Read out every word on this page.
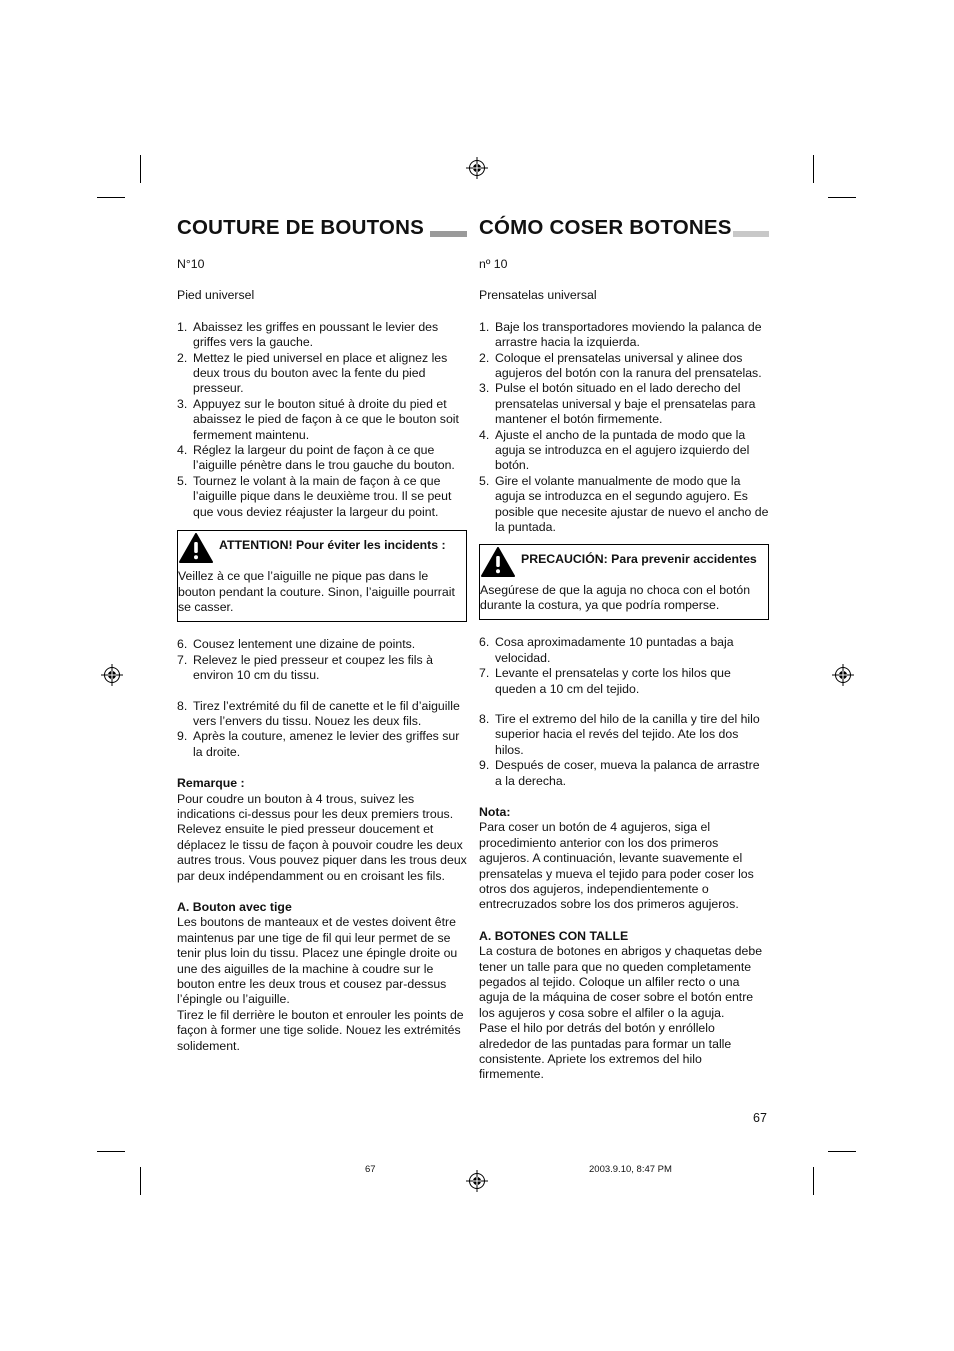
COUTURE DE BOUTONS

N°10

Pied universel

1. Abaissez les griffes en poussant le levier des griffes vers la gauche.
2. Mettez le pied universel en place et alignez les deux trous du bouton avec la fente du pied presseur.
3. Appuyez sur le bouton situé à droite du pied et abaissez le pied de façon à ce que le bouton soit fermement maintenu.
4. Réglez la largeur du point de façon à ce que l’aiguille pénètre dans le trou gauche du bouton.
5. Tournez le volant à la main de façon à ce que l’aiguille pique dans le deuxième trou. Il se peut que vous deviez réajuster la largeur du point.
ATTENTION! Pour éviter les incidents :
Veillez à ce que l’aiguille ne pique pas dans le bouton pendant la couture. Sinon, l’aiguille pourrait se casser.
6. Cousez lentement une dizaine de points.
7. Relevez le pied presseur et coupez les fils à environ 10 cm du tissu.
8. Tirez l’extrémité du fil de canette et le fil d’aiguille vers l’envers du tissu. Nouez les deux fils.
9. Après la couture, amenez le levier des griffes sur la droite.

Remarque :

Pour coudre un bouton à 4 trous, suivez les indications ci-dessus pour les deux premiers trous. Relevez ensuite le pied presseur doucement et déplacez le tissu de façon à pouvoir coudre les deux autres trous. Vous pouvez piquer dans les trous deux par deux indépendamment ou en croisant les fils.

A. Bouton avec tige

Les boutons de manteaux et de vestes doivent être maintenus par une tige de fil qui leur permet de se tenir plus loin du tissu. Placez une épingle droite ou une des aiguilles de la machine à coudre sur le bouton entre les deux trous et cousez par-dessus l’épingle ou l’aiguille.

Tirez le fil derrière le bouton et enrouler les points de façon à former une tige solide. Nouez les extrémités solidement.

CÓMO COSER BOTONES

nº 10

Prensatelas universal

1. Baje los transportadores moviendo la palanca de arrastre hacia la izquierda.
2. Coloque el prensatelas universal y alinee dos agujeros del botón con la ranura del prensatelas.
3. Pulse el botón situado en el lado derecho del prensatelas universal y baje el prensatelas para mantener el botón firmemente.
4. Ajuste el ancho de la puntada de modo que la aguja se introduzca en el agujero izquierdo del botón.
5. Gire el volante manualmente de modo que la aguja se introduzca en el segundo agujero. Es posible que necesite ajustar de nuevo el ancho de la puntada.
PRECAUCIÓN: Para prevenir accidentes
Asegúrese de que la aguja no choca con el botón durante la costura, ya que podría romperse.
6. Cosa aproximadamente 10 puntadas a baja velocidad.
7. Levante el prensatelas y corte los hilos que queden a 10 cm del tejido.
8. Tire el extremo del hilo de la canilla y tire del hilo superior hacia el revés del tejido. Ate los dos hilos.
9. Después de coser, mueva la palanca de arrastre a la derecha.

Nota:

Para coser un botón de 4 agujeros, siga el procedimiento anterior con los dos primeros agujeros. A continuación, levante suavemente el prensatelas y mueva el tejido para poder coser los otros dos agujeros, independientemente o entrecruzados sobre los dos primeros agujeros.

A. BOTONES CON TALLE

La costura de botones en abrigos y chaquetas debe tener un talle para que no queden completamente pegados al tejido. Coloque un alfiler recto o una aguja de la máquina de coser sobre el botón entre los agujeros y cosa sobre el alfiler o la aguja.

Pase el hilo por detrás del botón y enróllelo alrededor de las puntadas para formar un talle consistente. Apriete los extremos del hilo firmemente.

67
67	2003.9.10, 8:47 PM
